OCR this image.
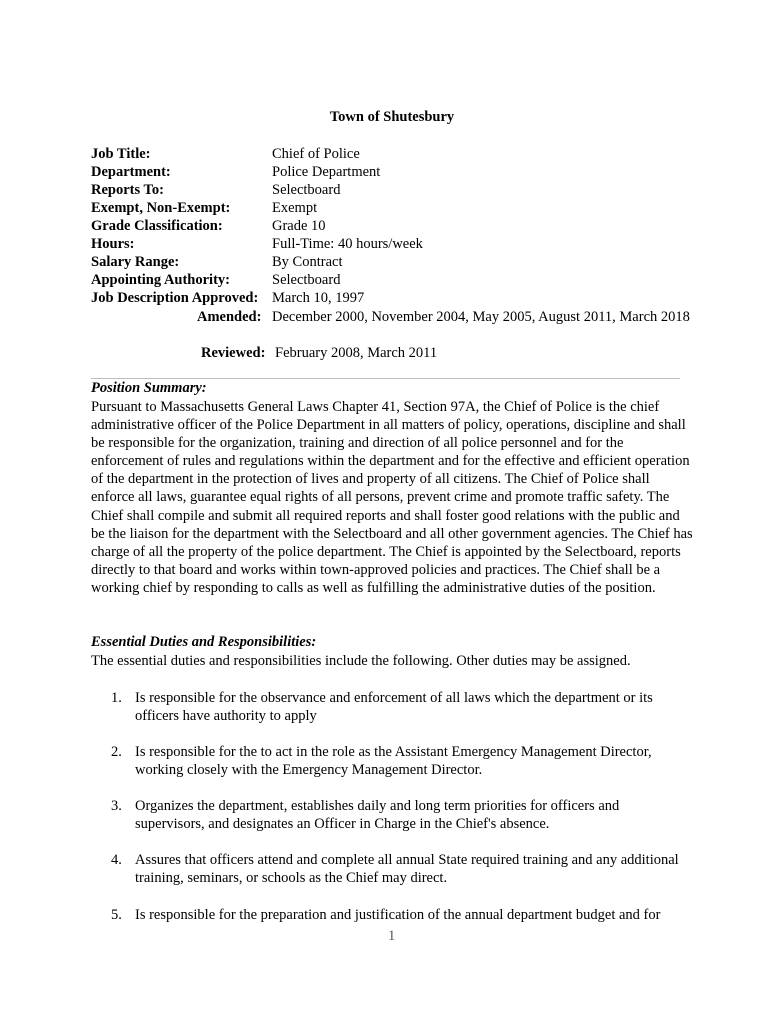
Town of Shutesbury
Job Title:	Chief of Police
Department:	Police Department
Reports To:	Selectboard
Exempt, Non-Exempt:	Exempt
Grade Classification:	Grade 10
Hours:	Full-Time: 40 hours/week
Salary Range:	By Contract
Appointing Authority:	Selectboard
Job Description Approved: March 10, 1997
Amended: December 2000, November 2004, May 2005, August 2011, March 2018
Reviewed: February 2008, March 2011
Position Summary:
Pursuant to Massachusetts General Laws Chapter 41, Section 97A, the Chief of Police is the chief administrative officer of the Police Department in all matters of policy, operations, discipline and shall be responsible for the organization, training and direction of all police personnel and for the enforcement of rules and regulations within the department and for the effective and efficient operation of the department in the protection of lives and property of all citizens. The Chief of Police shall enforce all laws, guarantee equal rights of all persons, prevent crime and promote traffic safety. The Chief shall compile and submit all required reports and shall foster good relations with the public and be the liaison for the department with the Selectboard and all other government agencies. The Chief has charge of all the property of the police department. The Chief is appointed by the Selectboard, reports directly to that board and works within town-approved policies and practices. The Chief shall be a working chief by responding to calls as well as fulfilling the administrative duties of the position.
Essential Duties and Responsibilities:
The essential duties and responsibilities include the following. Other duties may be assigned.
1. Is responsible for the observance and enforcement of all laws which the department or its officers have authority to apply
2. Is responsible for the to act in the role as the Assistant Emergency Management Director, working closely with the Emergency Management Director.
3. Organizes the department, establishes daily and long term priorities for officers and supervisors, and designates an Officer in Charge in the Chief's absence.
4. Assures that officers attend and complete all annual State required training and any additional training, seminars, or schools as the Chief may direct.
5. Is responsible for the preparation and justification of the annual department budget and for
1
